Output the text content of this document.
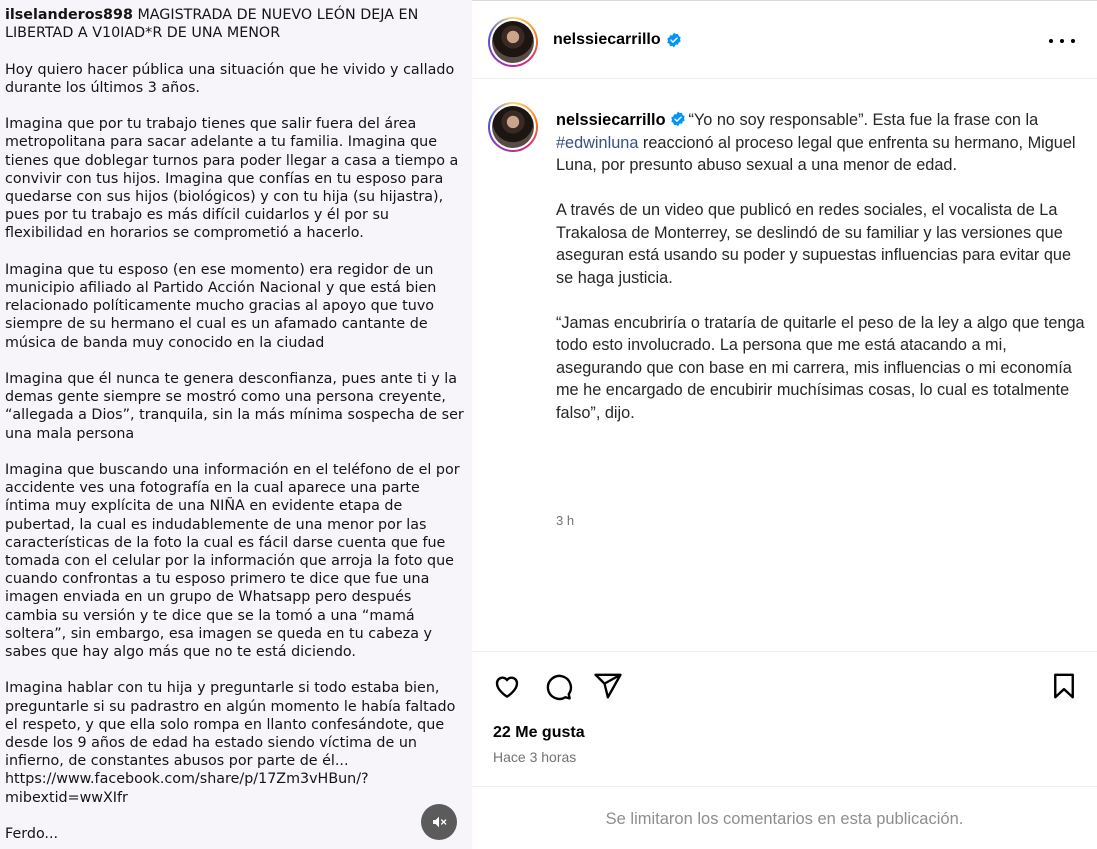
ilselanderos898 MAGISTRADA DE NUEVO LEÓN DEJA EN LIBERTAD A V10IAD*R DE UNA MENOR

Hoy quiero hacer pública una situación que he vivido y callado durante los últimos 3 años.

Imagina que por tu trabajo tienes que salir fuera del área metropolitana para sacar adelante a tu familia. Imagina que tienes que doblegar turnos para poder llegar a casa a tiempo a convivir con tus hijos. Imagina que confías en tu esposo para quedarse con sus hijos (biológicos) y con tu hija (su hijastra), pues por tu trabajo es más difícil cuidarlos y él por su flexibilidad en horarios se comprometió a hacerlo.

Imagina que tu esposo (en ese momento) era regidor de un municipio afiliado al Partido Acción Nacional y que está bien relacionado políticamente mucho gracias al apoyo que tuvo siempre de su hermano el cual es un afamado cantante de música de banda muy conocido en la ciudad

Imagina que él nunca te genera desconfianza, pues ante ti y la demas gente siempre se mostró como una persona creyente, “allegada a Dios”, tranquila, sin la más mínima sospecha de ser una mala persona

Imagina que buscando una información en el teléfono de el por accidente ves una fotografía en la cual aparece una parte íntima muy explícita de una NIÑA en evidente etapa de pubertad, la cual es indudablemente de una menor por las características de la foto la cual es fácil darse cuenta que fue tomada con el celular por la información que arroja la foto que cuando confrontas a tu esposo primero te dice que fue una imagen enviada en un grupo de Whatsapp pero después cambia su versión y te dice que se la tomó a una “mamá soltera”, sin embargo, esa imagen se queda en tu cabeza y sabes que hay algo más que no te está diciendo.

Imagina hablar con tu hija y preguntarle si todo estaba bien, preguntarle si su padrastro en algún momento le había faltado el respeto, y que ella solo rompa en llanto confesándote, que desde los 9 años de edad ha estado siendo víctima de un infierno, de constantes abusos por parte de él... https://www.facebook.com/share/p/17Zm3vHBun/?mibextid=wwXIfr

Ferdo...

nelssiecarrillo

nelssiecarrillo “Yo no soy responsable”. Esta fue la frase con la #edwinluna reaccionó al proceso legal que enfrenta su hermano, Miguel Luna, por presunto abuso sexual a una menor de edad.

A través de un video que publicó en redes sociales, el vocalista de La Trakalosa de Monterrey, se deslindó de su familiar y las versiones que aseguran está usando su poder y supuestas influencias para evitar que se haga justicia.

“Jamas encubriría o trataría de quitarle el peso de la ley a algo que tenga todo esto involucrado. La persona que me está atacando a mi, asegurando que con base en mi carrera, mis influencias o mi economía me he encargado de encubirir muchísimas cosas, lo cual es totalmente falso”, dijo.

3 h
22 Me gusta
Hace 3 horas
Se limitaron los comentarios en esta publicación.
